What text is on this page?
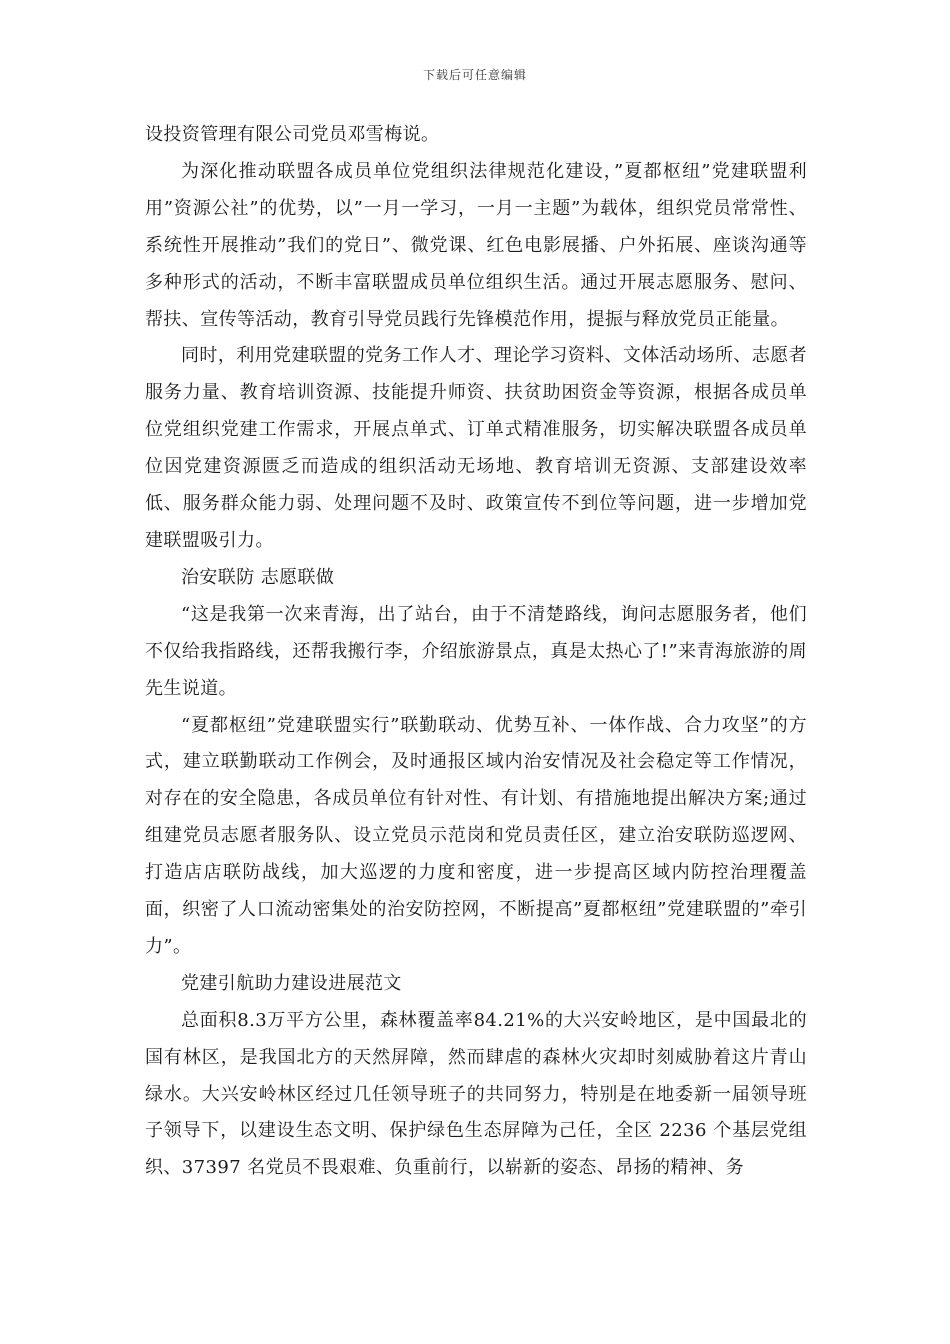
下载后可任意编辑

设投资管理有限公司党员邓雪梅说。

为深化推动联盟各成员单位党组织法律规范化建设，”夏都枢纽”党建联盟利用”资源公社”的优势，以”一月一学习，一月一主题”为载体，组织党员常常性、系统性开展推动”我们的党日”、微党课、红色电影展播、户外拓展、座谈沟通等多种形式的活动，不断丰富联盟成员单位组织生活。通过开展志愿服务、慰问、帮扶、宣传等活动，教育引导党员践行先锋模范作用，提振与释放党员正能量。

同时，利用党建联盟的党务工作人才、理论学习资料、文体活动场所、志愿者服务力量、教育培训资源、技能提升师资、扶贫助困资金等资源，根据各成员单位党组织党建工作需求，开展点单式、订单式精准服务，切实解决联盟各成员单位因党建资源匮乏而造成的组织活动无场地、教育培训无资源、支部建设效率低、服务群众能力弱、处理问题不及时、政策宣传不到位等问题，进一步增加党建联盟吸引力。

治安联防 志愿联做

“这是我第一次来青海，出了站台，由于不清楚路线，询问志愿服务者，他们不仅给我指路线，还帮我搬行李，介绍旅游景点，真是太热心了!”来青海旅游的周先生说道。

“夏都枢纽”党建联盟实行”联勤联动、优势互补、一体作战、合力攻坚”的方式，建立联勤联动工作例会，及时通报区域内治安情况及社会稳定等工作情况，对存在的安全隐患，各成员单位有针对性、有计划、有措施地提出解决方案;通过组建党员志愿者服务队、设立党员示范岗和党员责任区，建立治安联防巡逻网、打造店店联防战线，加大巡逻的力度和密度，进一步提高区域内防控治理覆盖面，织密了人口流动密集处的治安防控网，不断提高”夏都枢纽”党建联盟的”牵引力”。

党建引航助力建设进展范文

总面积8.3万平方公里，森林覆盖率84.21%的大兴安岭地区，是中国最北的国有林区，是我国北方的天然屏障，然而肆虐的森林火灾却时刻威胁着这片青山绿水。大兴安岭林区经过几任领导班子的共同努力，特别是在地委新一届领导班子领导下，以建设生态文明、保护绿色生态屏障为己任，全区 2236 个基层党组织、37397 名党员不畏艰难、负重前行，以崭新的姿态、昂扬的精神、务
